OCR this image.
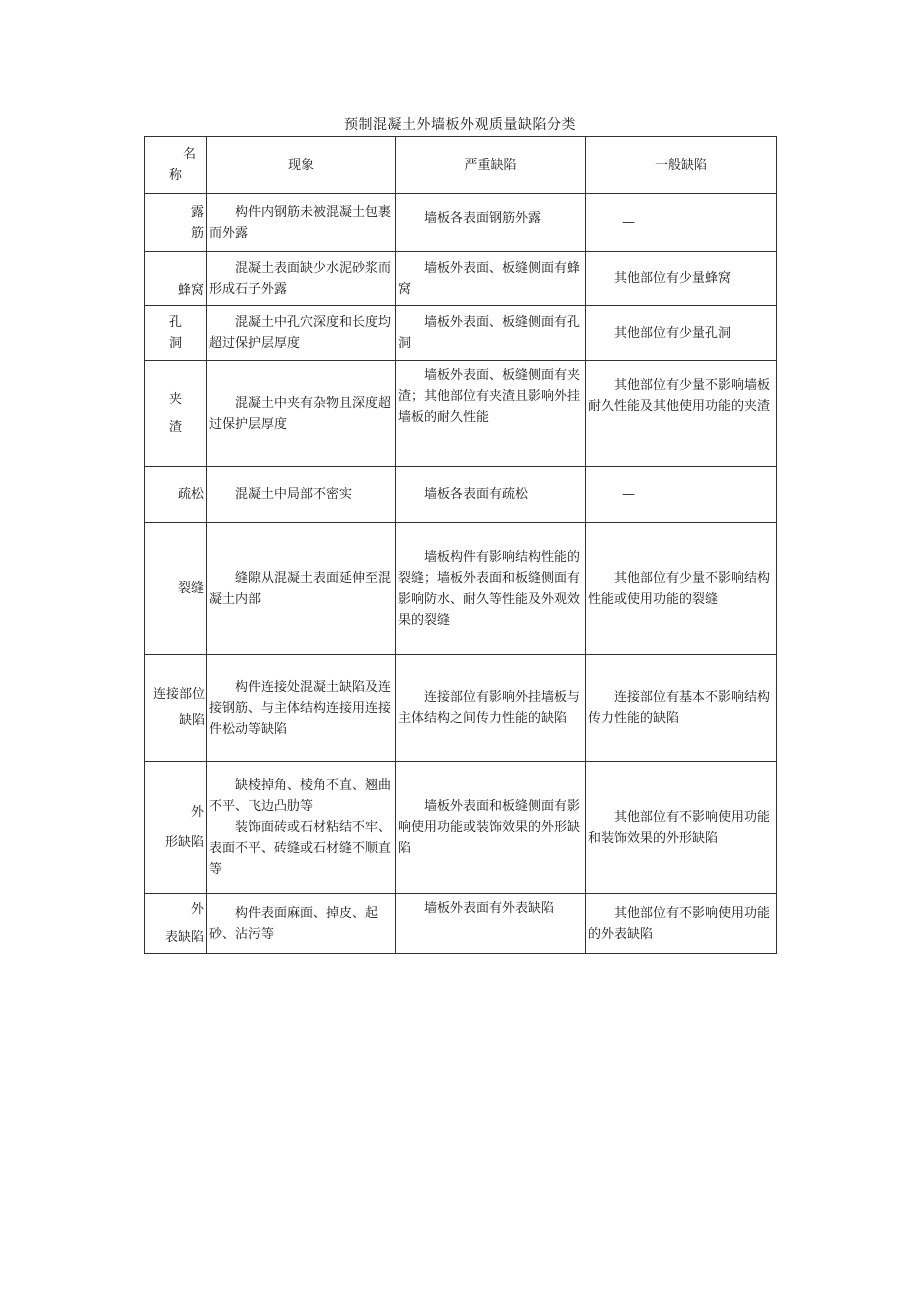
预制混凝土外墙板外观质量缺陷分类
名
称	现象	严重缺陷	一般缺陷

露
筋	构件内钢筋未被混凝土包裹而外露	墙板各表面钢筋外露	—

蜂窝	混凝土表面缺少水泥砂浆而形成石子外露	墙板外表面、板缝侧面有蜂窝	其他部位有少量蜂窝

孔
洞	混凝土中孔穴深度和长度均超过保护层厚度	墙板外表面、板缝侧面有孔洞	其他部位有少量孔洞

夹
渣	混凝土中夹有杂物且深度超过保护层厚度	墙板外表面、板缝侧面有夹渣；其他部位有夹渣且影响外挂墙板的耐久性能	其他部位有少量不影响墙板耐久性能及其他使用功能的夹渣

疏松	混凝土中局部不密实	墙板各表面有疏松	—

裂缝	缝隙从混凝土表面延伸至混凝土内部	墙板构件有影响结构性能的裂缝；墙板外表面和板缝侧面有影响防水、耐久等性能及外观效果的裂缝	其他部位有少量不影响结构性能或使用功能的裂缝

连接部位
缺陷	构件连接处混凝土缺陷及连接钢筋、与主体结构连接用连接件松动等缺陷	连接部位有影响外挂墙板与主体结构之间传力性能的缺陷	连接部位有基本不影响结构传力性能的缺陷

外
形缺陷	缺棱掉角、棱角不直、翘曲不平、飞边凸肋等
装饰面砖或石材粘结不牢、表面不平、砖缝或石材缝不顺直等	墙板外表面和板缝侧面有影响使用功能或装饰效果的外形缺陷	其他部位有不影响使用功能和装饰效果的外形缺陷

外
表缺陷	构件表面麻面、掉皮、起砂、沾污等	墙板外表面有外表缺陷	其他部位有不影响使用功能的外表缺陷
